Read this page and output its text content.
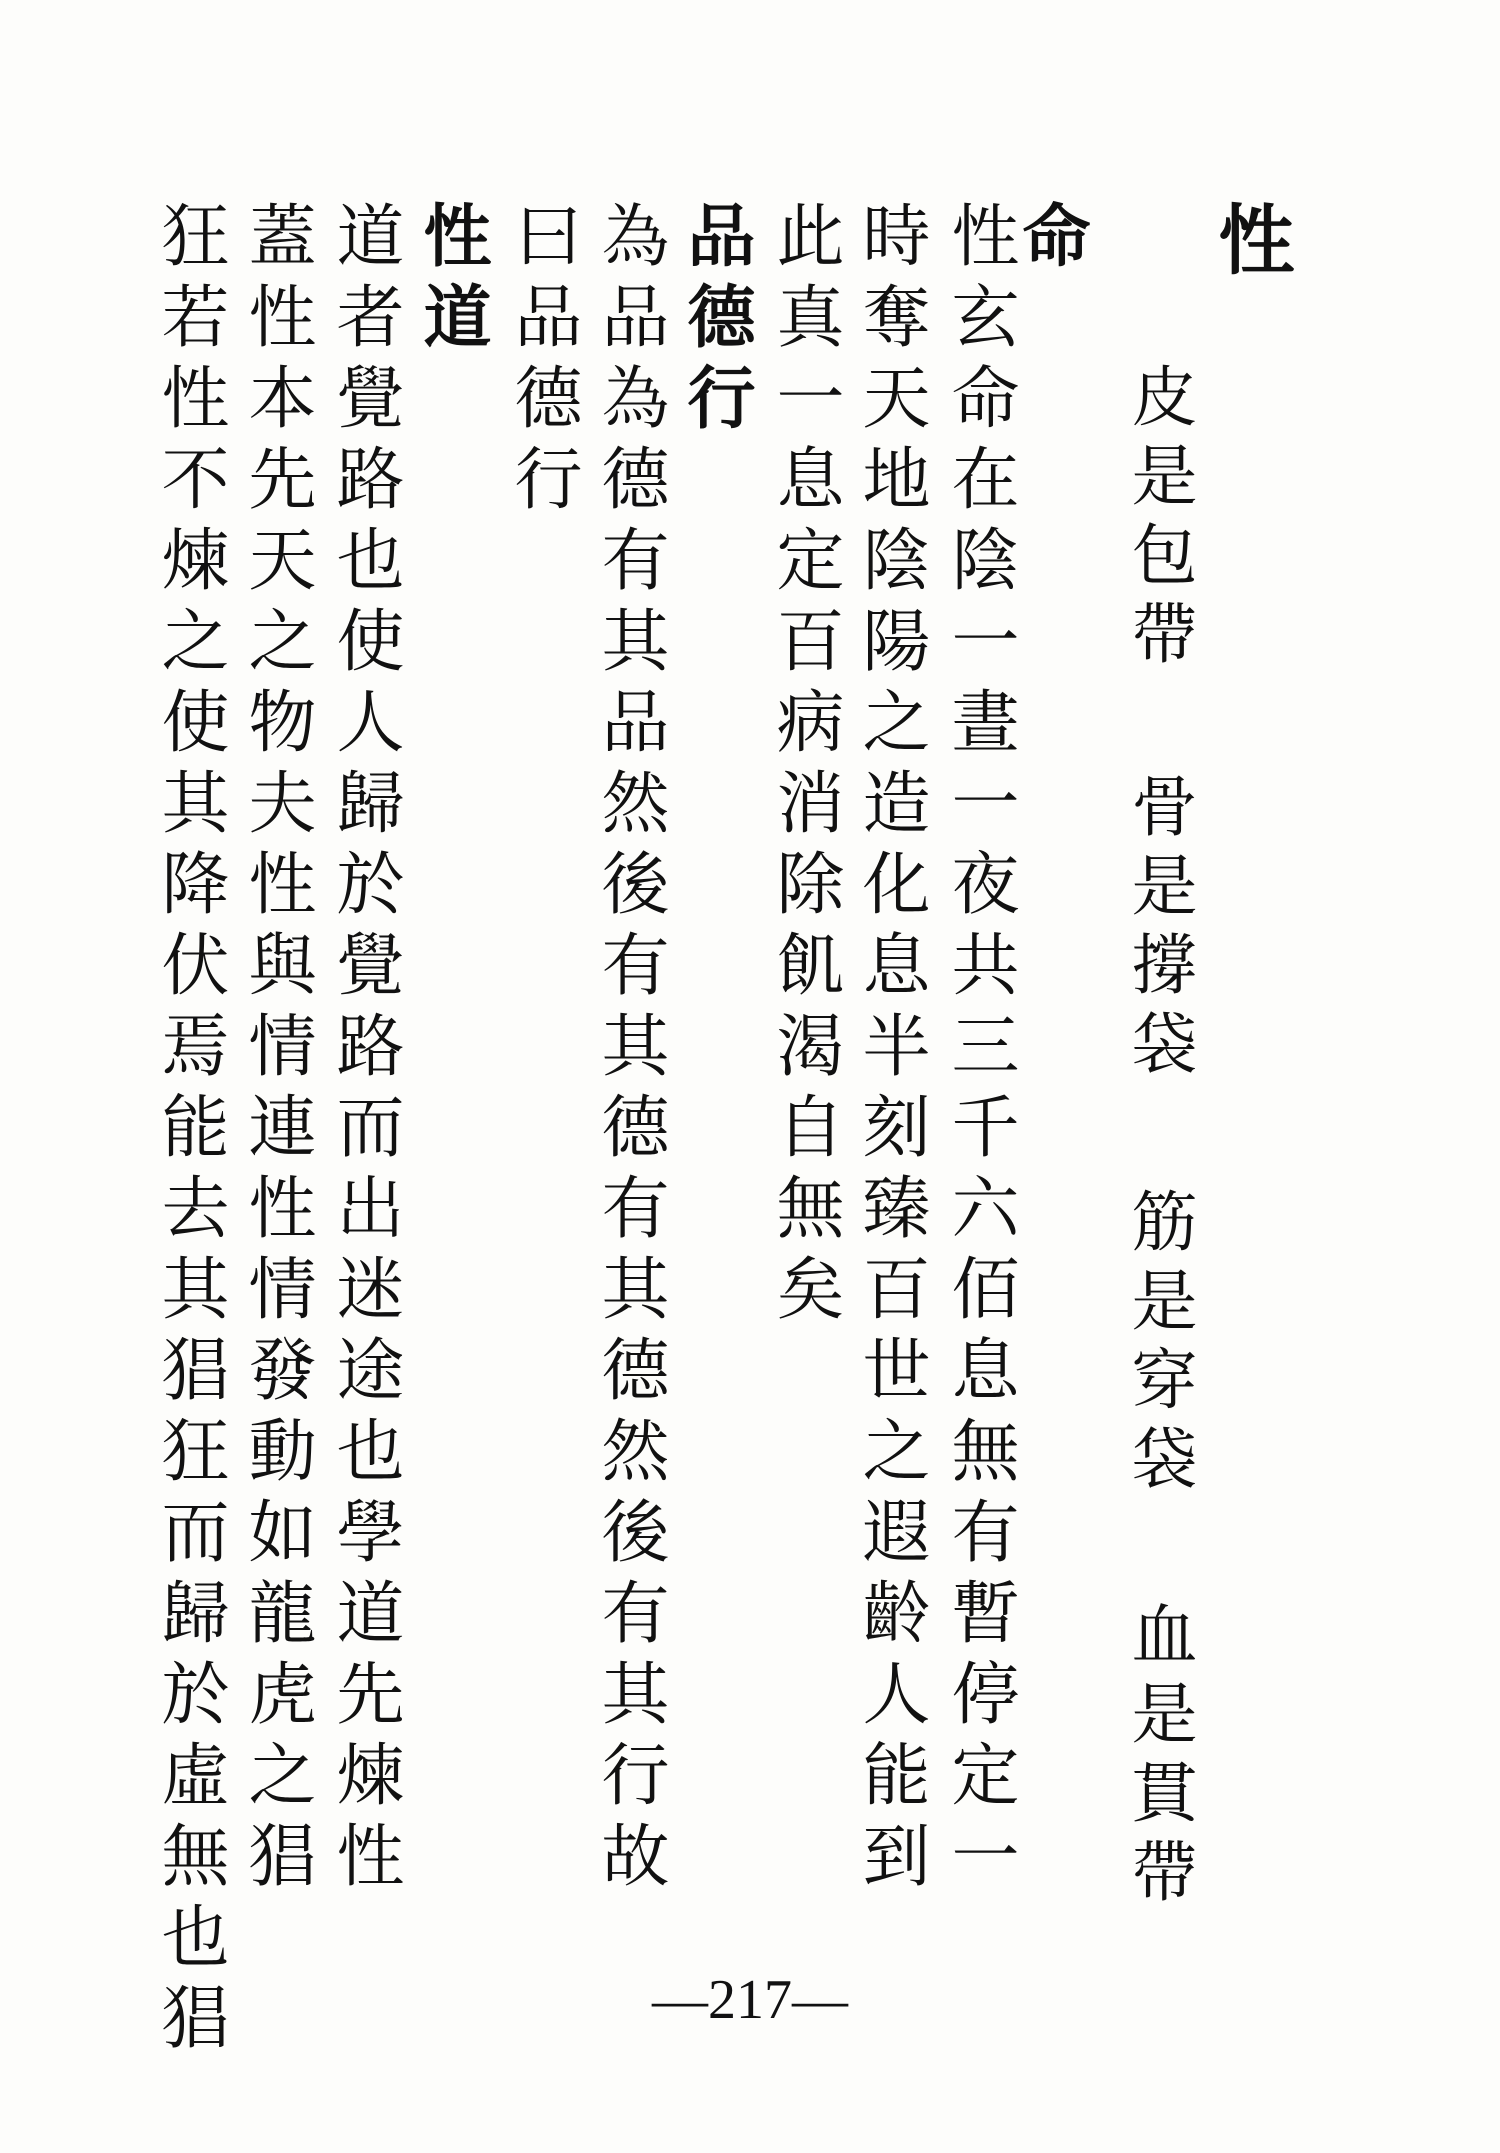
性
皮是包帶
骨是撐袋
筋是穿袋
血是貫帶
命
性玄命在陰一晝一夜共三千六佰息無有暫停定一
時奪天地陰陽之造化息半刻臻百世之遐齡人能到
此真一息定百病消除飢渴自無矣
品德行
為品為德有其品然後有其德有其德然後有其行故
曰品德行
性道
道者覺路也使人歸於覺路而出迷途也學道先煉性
蓋性本先天之物夫性與情連性情發動如龍虎之猖
狂若性不煉之使其降伏焉能去其猖狂而歸於虛無也猖	—217—
